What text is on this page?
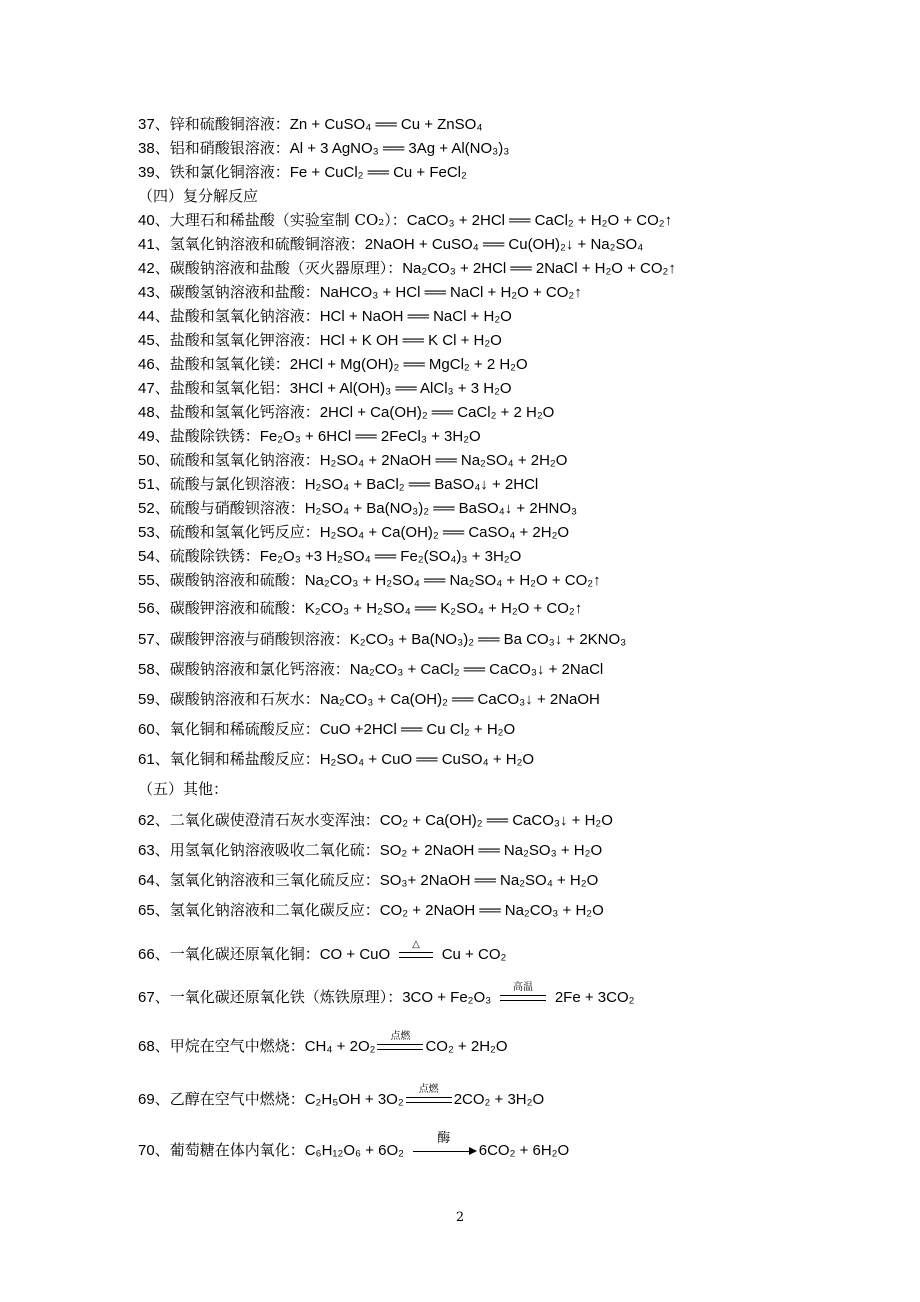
37、锌和硫酸铜溶液：Zn + CuSO₄ ══ Cu + ZnSO₄
38、铝和硝酸银溶液：Al + 3 AgNO₃ ══ 3Ag + Al(NO₃)₃
39、铁和氯化铜溶液：Fe + CuCl₂ ══ Cu + FeCl₂
（四）复分解反应
40、大理石和稀盐酸（实验室制 CO₂）：CaCO₃ + 2HCl ══ CaCl₂ + H₂O + CO₂↑
41、氢氧化钠溶液和硫酸铜溶液：2NaOH + CuSO₄ ══ Cu(OH)₂↓ + Na₂SO₄
42、碳酸钠溶液和盐酸（灭火器原理）：Na₂CO₃ + 2HCl ══ 2NaCl + H₂O + CO₂↑
43、碳酸氢钠溶液和盐酸：NaHCO₃ + HCl ══ NaCl + H₂O + CO₂↑
44、盐酸和氢氧化钠溶液：HCl + NaOH ══ NaCl + H₂O
45、盐酸和氢氧化钾溶液：HCl + K OH ══ K Cl + H₂O
46、盐酸和氢氧化镁：2HCl + Mg(OH)₂ ══ MgCl₂ + 2 H₂O
47、盐酸和氢氧化铝：3HCl + Al(OH)₃ ══ AlCl₃ + 3 H₂O
48、盐酸和氢氧化钙溶液：2HCl + Ca(OH)₂ ══ CaCl₂ + 2 H₂O
49、盐酸除铁锈：Fe₂O₃ + 6HCl ══ 2FeCl₃ + 3H₂O
50、硫酸和氢氧化钠溶液：H₂SO₄ + 2NaOH ══ Na₂SO₄ + 2H₂O
51、硫酸与氯化钡溶液：H₂SO₄ + BaCl₂ ══ BaSO₄↓ + 2HCl
52、硫酸与硝酸钡溶液：H₂SO₄ + Ba(NO₃)₂ ══ BaSO₄↓ + 2HNO₃
53、硫酸和氢氧化钙反应：H₂SO₄ + Ca(OH)₂ ══ CaSO₄ + 2H₂O
54、硫酸除铁锈：Fe₂O₃ +3 H₂SO₄ ══ Fe₂(SO₄)₃ + 3H₂O
55、碳酸钠溶液和硫酸：Na₂CO₃ + H₂SO₄ ══ Na₂SO₄ + H₂O + CO₂↑
56、碳酸钾溶液和硫酸：K₂CO₃ + H₂SO₄ ══ K₂SO₄ + H₂O + CO₂↑
57、碳酸钾溶液与硝酸钡溶液：K₂CO₃ + Ba(NO₃)₂ ══ Ba CO₃↓ + 2KNO₃
58、碳酸钠溶液和氯化钙溶液：Na₂CO₃ + CaCl₂ ══ CaCO₃↓ + 2NaCl
59、碳酸钠溶液和石灰水：Na₂CO₃ + Ca(OH)₂ ══ CaCO₃↓ + 2NaOH
60、氧化铜和稀硫酸反应：CuO +2HCl ══ Cu Cl₂ + H₂O
61、氧化铜和稀盐酸反应：H₂SO₄ + CuO ══ CuSO₄ + H₂O
（五）其他：
62、二氧化碳使澄清石灰水变浑浊：CO₂ + Ca(OH)₂ ══ CaCO₃↓ + H₂O
63、用氢氧化钠溶液吸收二氧化硫：SO₂ + 2NaOH ══ Na₂SO₃ + H₂O
64、氢氧化钠溶液和三氧化硫反应：SO₃+ 2NaOH ══ Na₂SO₄ + H₂O
65、氢氧化钠溶液和二氧化碳反应：CO₂ + 2NaOH ══ Na₂CO₃ + H₂O
66、一氧化碳还原氧化铜：CO + CuO
△
Cu + CO₂
67、一氧化碳还原氧化铁（炼铁原理）：3CO + Fe₂O₃
高温
2Fe + 3CO₂
68、甲烷在空气中燃烧：CH₄ + 2O₂
点燃
CO₂ + 2H₂O
69、乙醇在空气中燃烧：C₂H₅OH + 3O₂
点燃
2CO₂ + 3H₂O
70、葡萄糖在体内氧化：C₆H₁₂O₆ + 6O₂
酶
6CO₂ + 6H₂O
2
